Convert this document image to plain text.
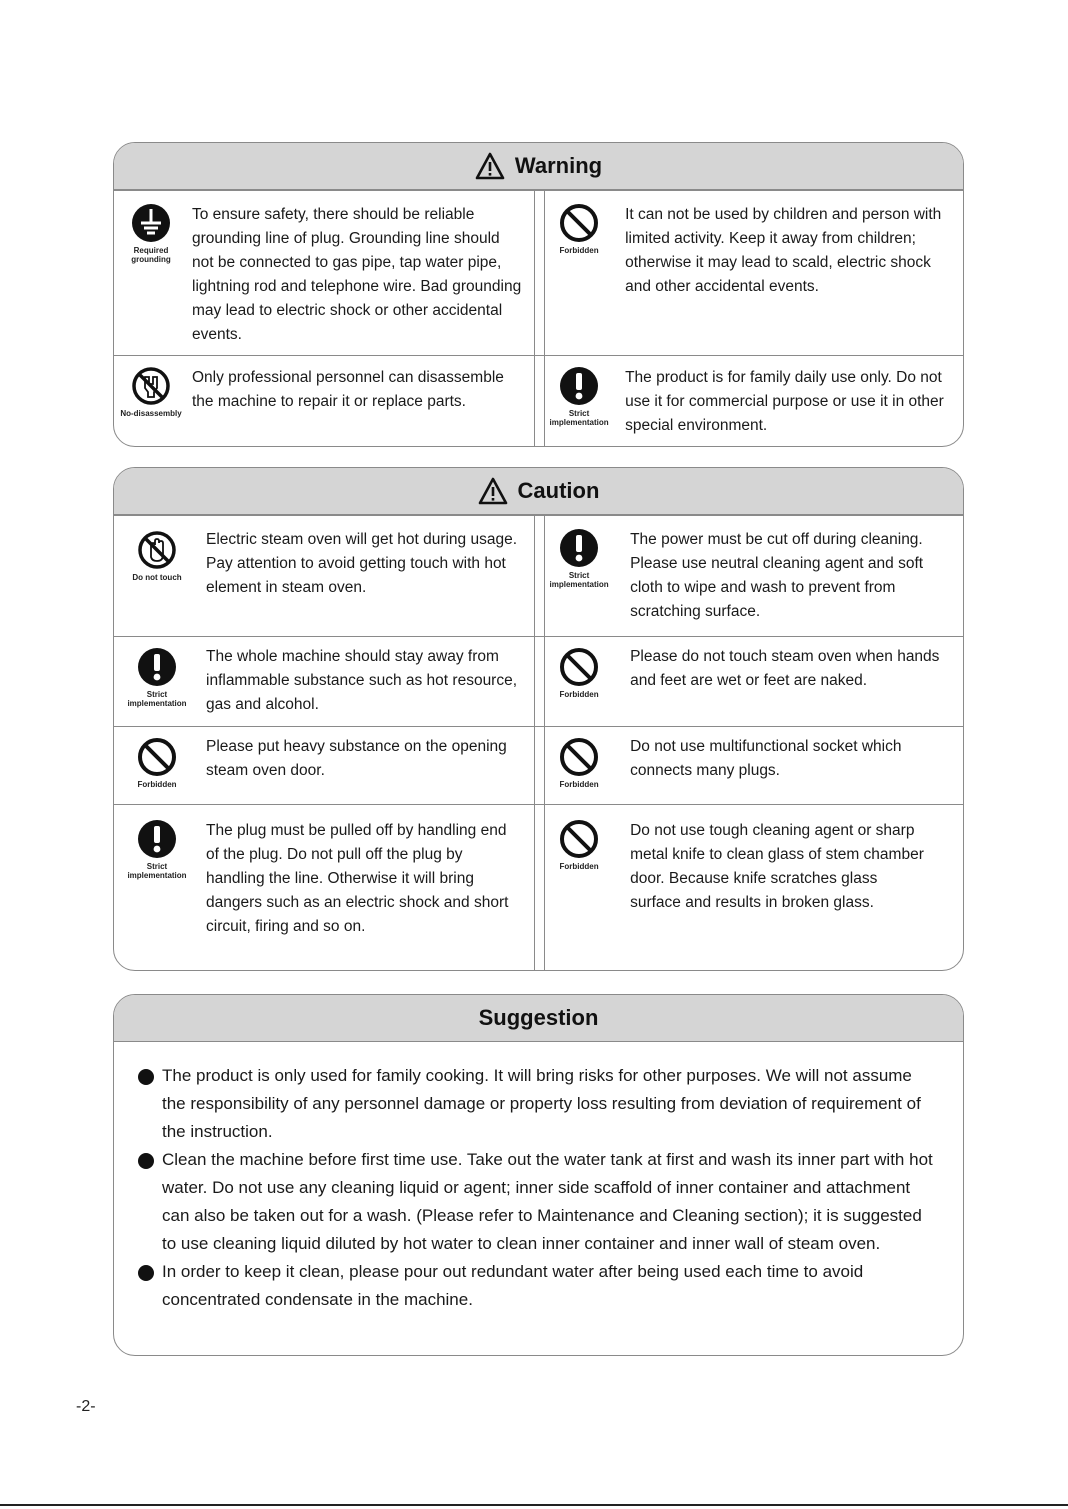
Warning
Required grounding
To ensure safety, there should be reliable grounding line of plug. Grounding line should not be connected to gas pipe, tap water pipe, lightning rod and telephone wire. Bad grounding may lead to electric shock or other accidental events.
Forbidden
It can not be used by children and person with limited activity. Keep it away from children; otherwise it may lead to scald, electric shock and other accidental events.
No-disassembly
Only professional personnel can disassemble the machine to repair it or replace parts.
Strict implementation
The product is for family daily use only. Do not use it for commercial purpose or use it in other special environment.
Caution
Do not touch
Electric steam oven will get hot during usage. Pay attention to avoid getting touch with hot element in steam oven.
Strict implementation
The power must be cut off during cleaning. Please use neutral cleaning agent and soft cloth to wipe and wash to prevent from scratching surface.
Strict implementation
The whole machine should stay away from inflammable substance such as hot resource, gas and alcohol.
Forbidden
Please do not touch steam oven when hands and feet are wet or feet are naked.
Forbidden
Please put heavy substance on the opening steam oven door.
Forbidden
Do not use multifunctional socket which connects many plugs.
Strict implementation
The plug must be pulled off by handling end of the plug. Do not pull off the plug by handling the line. Otherwise it will bring dangers such as an electric shock and short circuit, firing and so on.
Forbidden
Do not use tough cleaning agent or sharp metal knife to clean glass of stem chamber door. Because knife scratches glass surface and results in broken glass.
Suggestion
The product is only used for family cooking. It will bring risks for other purposes. We will not assume the responsibility of any personnel damage or property loss resulting from deviation of requirement of the instruction.
Clean the machine before first time use. Take out the water tank at first and wash its inner part with hot water. Do not use any cleaning liquid or agent; inner side scaffold of inner container and attachment can also be taken out for a wash. (Please refer to Maintenance and Cleaning section); it is suggested to use cleaning liquid diluted by hot water to clean inner container and inner wall of steam oven.
In order to keep it clean, please pour out redundant water after being used each time to avoid concentrated condensate in the machine.
-2-
